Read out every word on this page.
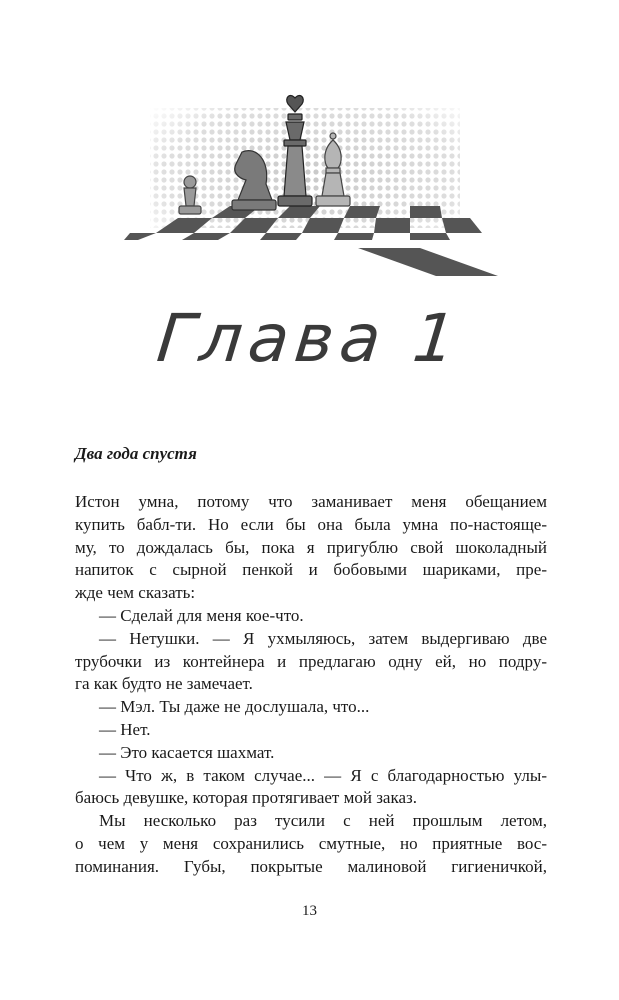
Глава 1
Два года спустя
Истон умна, потому что заманивает меня обещанием
купить бабл-ти. Но если бы она была умна по-настояще-
му, то дождалась бы, пока я пригублю свой шоколадный
напиток с сырной пенкой и бобовыми шариками, пре-
жде чем сказать:
— Сделай для меня кое-что.
— Нетушки. — Я ухмыляюсь, затем выдергиваю две
трубочки из контейнера и предлагаю одну ей, но подру-
га как будто не замечает.
— Мэл. Ты даже не дослушала, что...
— Нет.
— Это касается шахмат.
— Что ж, в таком случае... — Я с благодарностью улы-
баюсь девушке, которая протягивает мой заказ.
Мы несколько раз тусили с ней прошлым летом,
о чем у меня сохранились смутные, но приятные вос-
поминания. Губы, покрытые малиновой гигиеничкой,
13
